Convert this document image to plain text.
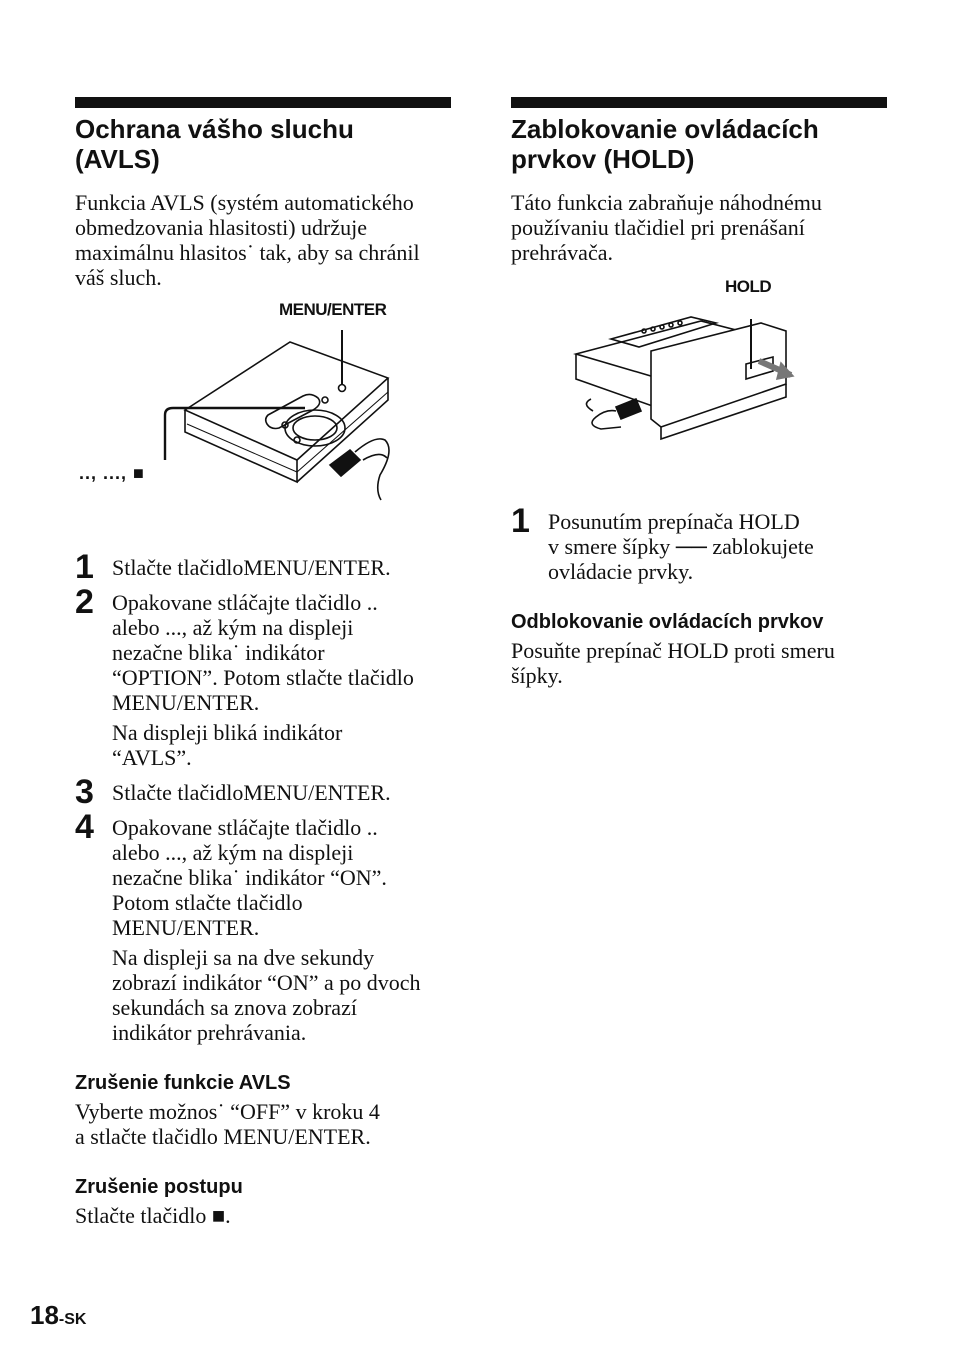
Ochrana vášho sluchu
(AVLS)

Funkcia AVLS (systém automatického
obmedzovania hlasitosti) udržuje
maximálnu hlasitos˙ tak, aby sa chránil
váš sluch.

MENU/ENTER
.., ..., ■
1 Stlačte tlačidloMENU/ENTER.
2 Opakovane stláčajte tlačidlo ..
alebo ..., až kým na displeji
nezačne blika˙ indikátor
“OPTION”. Potom stlačte tlačidlo
MENU/ENTER.
Na displeji bliká indikátor
“AVLS”.
3 Stlačte tlačidloMENU/ENTER.
4 Opakovane stláčajte tlačidlo ..
alebo ..., až kým na displeji
nezačne blika˙ indikátor “ON”.
Potom stlačte tlačidlo
MENU/ENTER.
Na displeji sa na dve sekundy
zobrazí indikátor “ON” a po dvoch
sekundách sa znova zobrazí
indikátor prehrávania.
Zrušenie funkcie AVLS

Vyberte možnos˙ “OFF” v kroku 4
a stlačte tlačidlo MENU/ENTER.

Zrušenie postupu

Stlačte tlačidlo ■.

Zablokovanie ovládacích
prvkov (HOLD)

Táto funkcia zabraňuje náhodnému
používaniu tlačidiel pri prenášaní
prehrávača.

HOLD
1 Posunutím prepínača HOLD
v smere šípky ── zablokujete
ovládacie prvky.
Odblokovanie ovládacích prvkov

Posuňte prepínač HOLD proti smeru
šípky.

18-SK
